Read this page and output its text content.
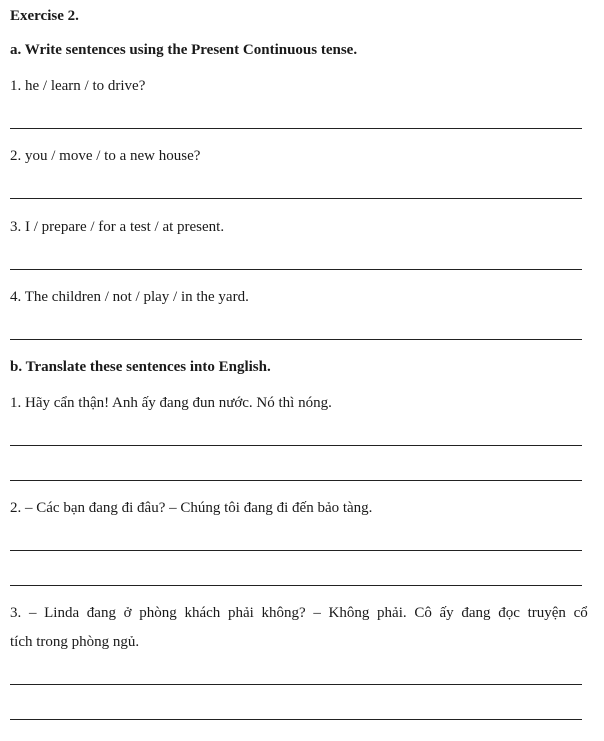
Exercise 2.
a. Write sentences using the Present Continuous tense.
1. he / learn / to drive?
2. you / move / to a new house?
3. I / prepare / for a test / at present.
4. The children / not / play / in the yard.
b. Translate these sentences into English.
1. Hãy cẩn thận! Anh ấy đang đun nước. Nó thì nóng.
2. – Các bạn đang đi đâu? – Chúng tôi đang đi đến bảo tàng.
3. – Linda đang ở phòng khách phải không? – Không phải. Cô ấy đang đọc truyện cổ
tích trong phòng ngủ.
